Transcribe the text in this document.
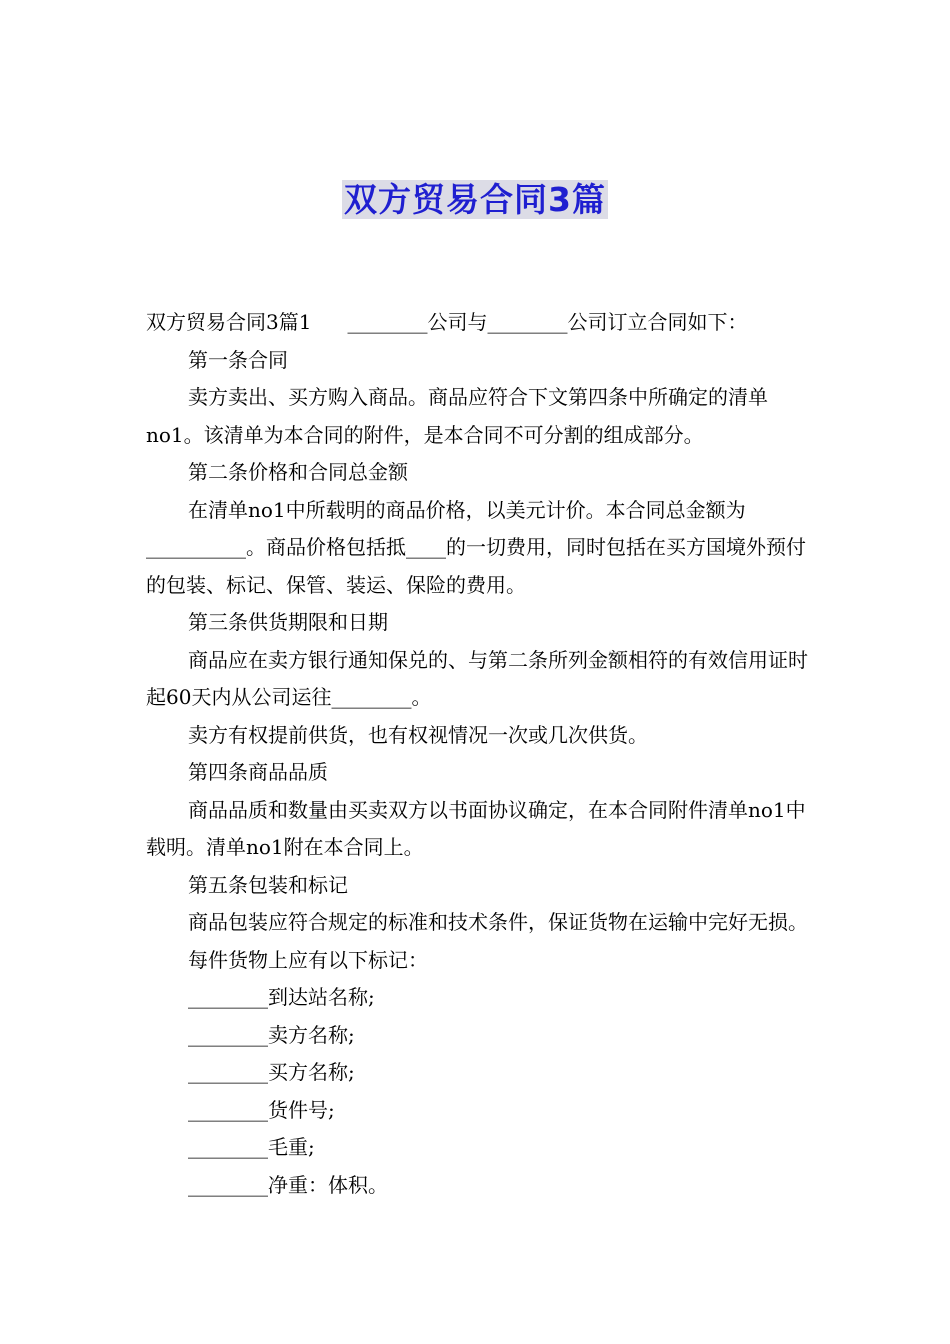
双方贸易合同3篇

双方贸易合同3篇1 ________公司与________公司订立合同如下：

第一条合同

卖方卖出、买方购入商品。商品应符合下文第四条中所确定的清单no1。该清单为本合同的附件，是本合同不可分割的组成部分。

第二条价格和合同总金额

在清单no1中所载明的商品价格，以美元计价。本合同总金额为__________。商品价格包括抵____的一切费用，同时包括在买方国境外预付的包装、标记、保管、装运、保险的费用。

第三条供货期限和日期

商品应在卖方银行通知保兑的、与第二条所列金额相符的有效信用证时起60天内从公司运往________。

卖方有权提前供货，也有权视情况一次或几次供货。

第四条商品品质

商品品质和数量由买卖双方以书面协议确定，在本合同附件清单no1中载明。清单no1附在本合同上。

第五条包装和标记

商品包装应符合规定的标准和技术条件，保证货物在运输中完好无损。

每件货物上应有以下标记：

________到达站名称;

________卖方名称;

________买方名称;

________货件号;

________毛重;

________净重：体积。
